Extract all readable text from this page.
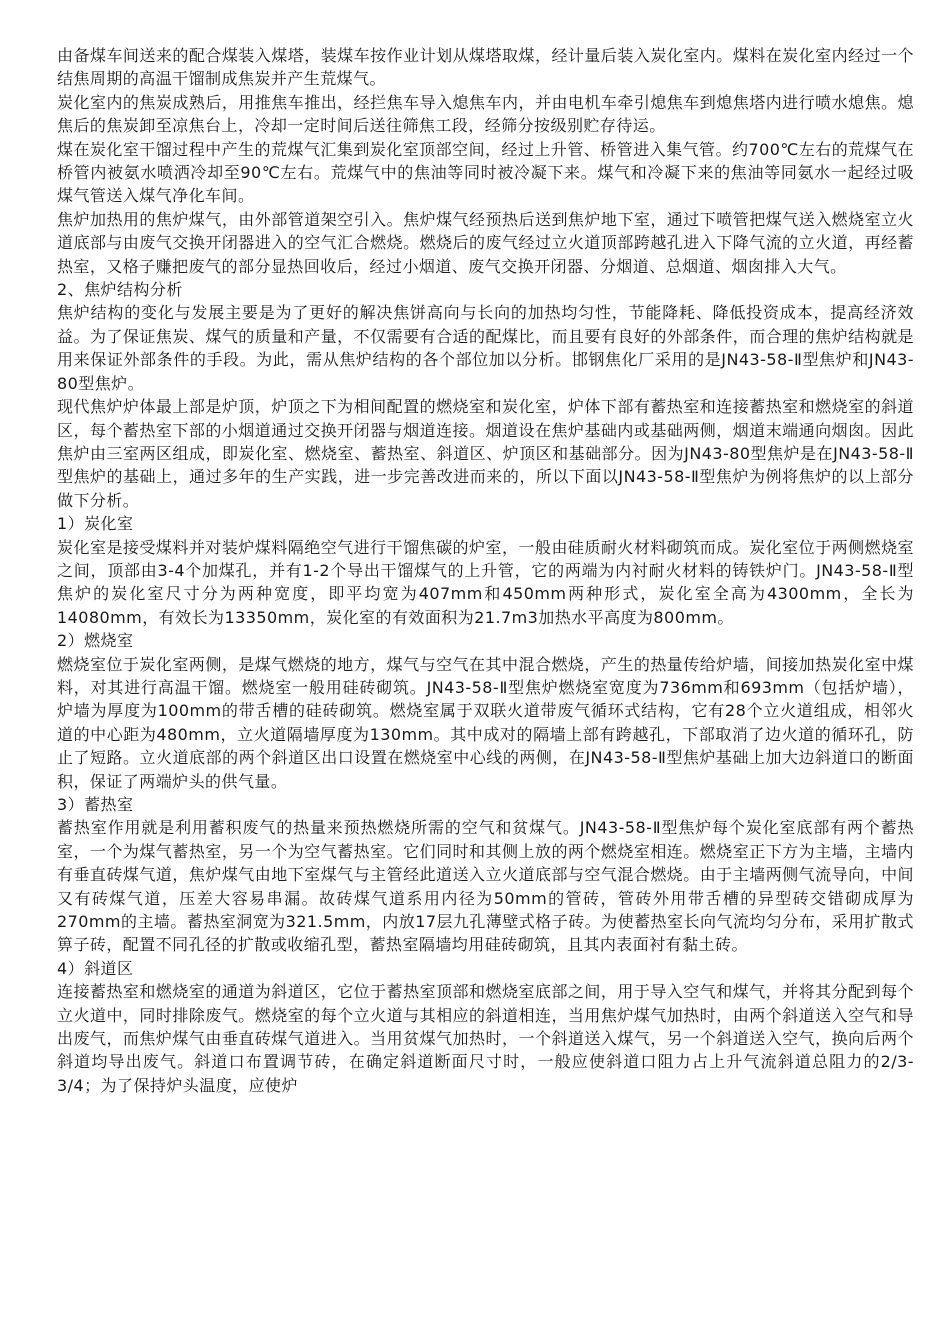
由备煤车间送来的配合煤装入煤塔，装煤车按作业计划从煤塔取煤，经计量后装入炭化室内。煤料在炭化室内经过一个结焦周期的高温干馏制成焦炭并产生荒煤气。

炭化室内的焦炭成熟后，用推焦车推出，经拦焦车导入熄焦车内，并由电机车牵引熄焦车到熄焦塔内进行喷水熄焦。熄焦后的焦炭卸至凉焦台上，冷却一定时间后送往筛焦工段，经筛分按级别贮存待运。

煤在炭化室干馏过程中产生的荒煤气汇集到炭化室顶部空间，经过上升管、桥管进入集气管。约700℃左右的荒煤气在桥管内被氨水喷洒冷却至90℃左右。荒煤气中的焦油等同时被冷凝下来。煤气和冷凝下来的焦油等同氨水一起经过吸煤气管送入煤气净化车间。

焦炉加热用的焦炉煤气，由外部管道架空引入。焦炉煤气经预热后送到焦炉地下室，通过下喷管把煤气送入燃烧室立火道底部与由废气交换开闭器进入的空气汇合燃烧。燃烧后的废气经过立火道顶部跨越孔进入下降气流的立火道，再经蓄热室，又格子赚把废气的部分显热回收后，经过小烟道、废气交换开闭器、分烟道、总烟道、烟囱排入大气。

2、焦炉结构分析

焦炉结构的变化与发展主要是为了更好的解决焦饼高向与长向的加热均匀性，节能降耗、降低投资成本，提高经济效益。为了保证焦炭、煤气的质量和产量，不仅需要有合适的配煤比，而且要有良好的外部条件，而合理的焦炉结构就是用来保证外部条件的手段。为此，需从焦炉结构的各个部位加以分析。邯钢焦化厂采用的是JN43-58-Ⅱ型焦炉和JN43-80型焦炉。

现代焦炉炉体最上部是炉顶，炉顶之下为相间配置的燃烧室和炭化室，炉体下部有蓄热室和连接蓄热室和燃烧室的斜道区，每个蓄热室下部的小烟道通过交换开闭器与烟道连接。烟道设在焦炉基础内或基础两侧，烟道末端通向烟囱。因此焦炉由三室两区组成，即炭化室、燃烧室、蓄热室、斜道区、炉顶区和基础部分。因为JN43-80型焦炉是在JN43-58-Ⅱ型焦炉的基础上，通过多年的生产实践，进一步完善改进而来的，所以下面以JN43-58-Ⅱ型焦炉为例将焦炉的以上部分做下分析。

1）炭化室

炭化室是接受煤料并对装炉煤料隔绝空气进行干馏焦碳的炉室，一般由硅质耐火材料砌筑而成。炭化室位于两侧燃烧室之间，顶部由3-4个加煤孔，并有1-2个导出干馏煤气的上升管，它的两端为内衬耐火材料的铸铁炉门。JN43-58-Ⅱ型焦炉的炭化室尺寸分为两种宽度，即平均宽为407mm和450mm两种形式，炭化室全高为4300mm，全长为14080mm，有效长为13350mm，炭化室的有效面积为21.7m3加热水平高度为800mm。

2）燃烧室

燃烧室位于炭化室两侧，是煤气燃烧的地方，煤气与空气在其中混合燃烧，产生的热量传给炉墙，间接加热炭化室中煤料，对其进行高温干馏。燃烧室一般用硅砖砌筑。JN43-58-Ⅱ型焦炉燃烧室宽度为736mm和693mm（包括炉墙），炉墙为厚度为100mm的带舌槽的硅砖砌筑。燃烧室属于双联火道带废气循环式结构，它有28个立火道组成，相邻火道的中心距为480mm，立火道隔墙厚度为130mm。其中成对的隔墙上部有跨越孔，下部取消了边火道的循环孔，防止了短路。立火道底部的两个斜道区出口设置在燃烧室中心线的两侧，在JN43-58-Ⅱ型焦炉基础上加大边斜道口的断面积，保证了两端炉头的供气量。

3）蓄热室

蓄热室作用就是利用蓄积废气的热量来预热燃烧所需的空气和贫煤气。JN43-58-Ⅱ型焦炉每个炭化室底部有两个蓄热室，一个为煤气蓄热室，另一个为空气蓄热室。它们同时和其侧上放的两个燃烧室相连。燃烧室正下方为主墙，主墙内有垂直砖煤气道，焦炉煤气由地下室煤气与主管经此道送入立火道底部与空气混合燃烧。由于主墙两侧气流导向，中间又有砖煤气道，压差大容易串漏。故砖煤气道系用内径为50mm的管砖，管砖外用带舌槽的异型砖交错砌成厚为270mm的主墙。蓄热室洞宽为321.5mm，内放17层九孔薄壁式格子砖。为使蓄热室长向气流均匀分布，采用扩散式箅子砖，配置不同孔径的扩散或收缩孔型，蓄热室隔墙均用硅砖砌筑，且其内表面衬有黏土砖。

4）斜道区

连接蓄热室和燃烧室的通道为斜道区，它位于蓄热室顶部和燃烧室底部之间，用于导入空气和煤气，并将其分配到每个立火道中，同时排除废气。燃烧室的每个立火道与其相应的斜道相连，当用焦炉煤气加热时，由两个斜道送入空气和导出废气，而焦炉煤气由垂直砖煤气道进入。当用贫煤气加热时，一个斜道送入煤气，另一个斜道送入空气，换向后两个斜道均导出废气。斜道口布置调节砖，在确定斜道断面尺寸时，一般应使斜道口阻力占上升气流斜道总阻力的2/3-3/4；为了保持炉头温度，应使炉
